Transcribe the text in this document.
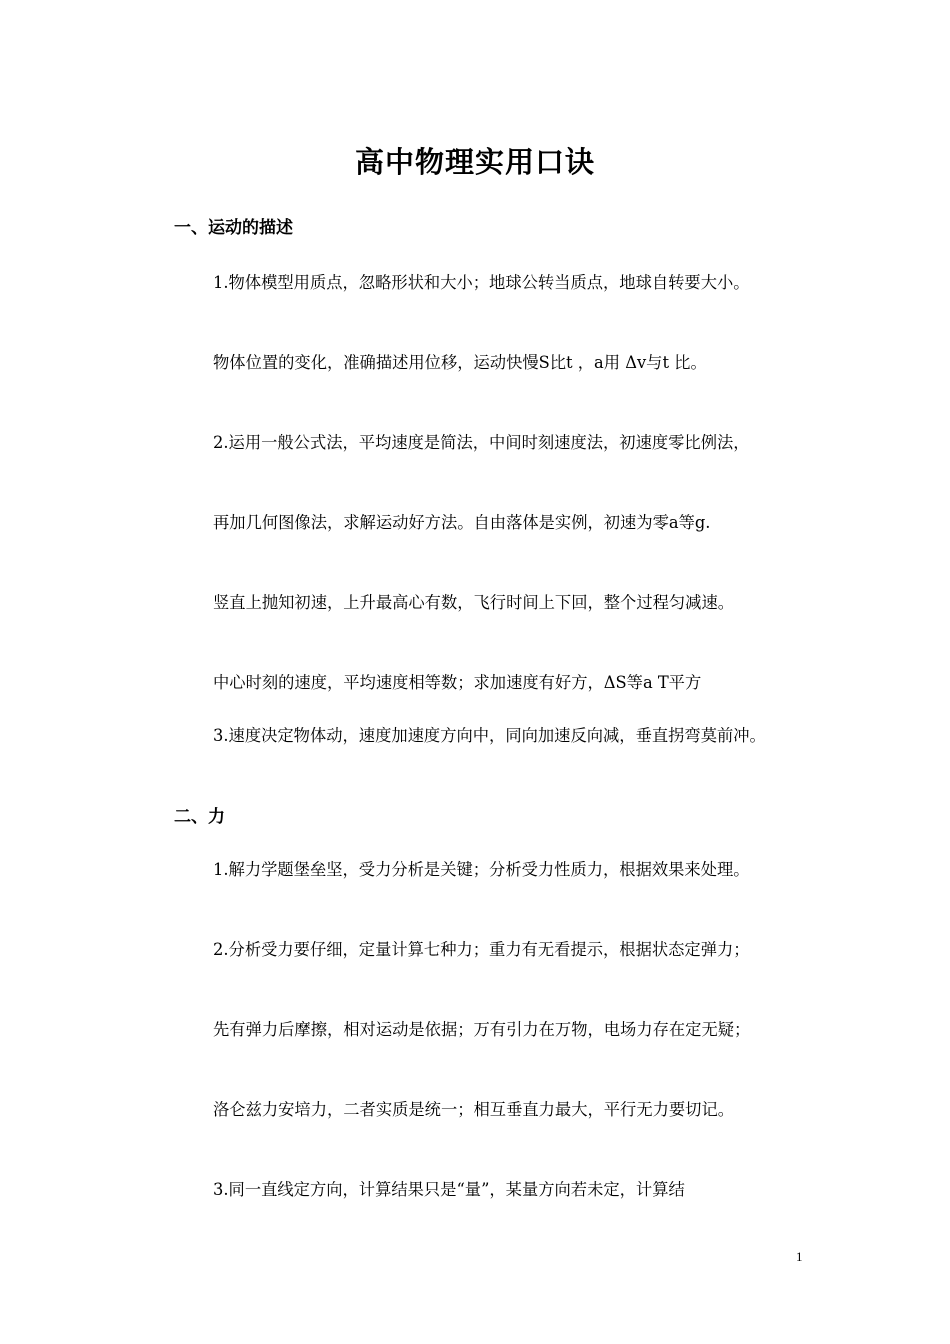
高中物理实用口诀
一、运动的描述

1.物体模型用质点，忽略形状和大小；地球公转当质点，地球自转要大小。

物体位置的变化，准确描述用位移，运动快慢S比t ，a用 Δv与t 比。

2.运用一般公式法，平均速度是简法，中间时刻速度法，初速度零比例法，

再加几何图像法，求解运动好方法。自由落体是实例，初速为零a等g.

竖直上抛知初速，上升最高心有数，飞行时间上下回，整个过程匀减速。

中心时刻的速度，平均速度相等数；求加速度有好方，ΔS等a T平方

3.速度决定物体动，速度加速度方向中，同向加速反向减，垂直拐弯莫前冲。

二、力

1.解力学题堡垒坚，受力分析是关键；分析受力性质力，根据效果来处理。

2.分析受力要仔细，定量计算七种力；重力有无看提示，根据状态定弹力；

先有弹力后摩擦，相对运动是依据；万有引力在万物，电场力存在定无疑；

洛仑兹力安培力，二者实质是统一；相互垂直力最大，平行无力要切记。

3.同一直线定方向，计算结果只是“量”，某量方向若未定，计算结

1
